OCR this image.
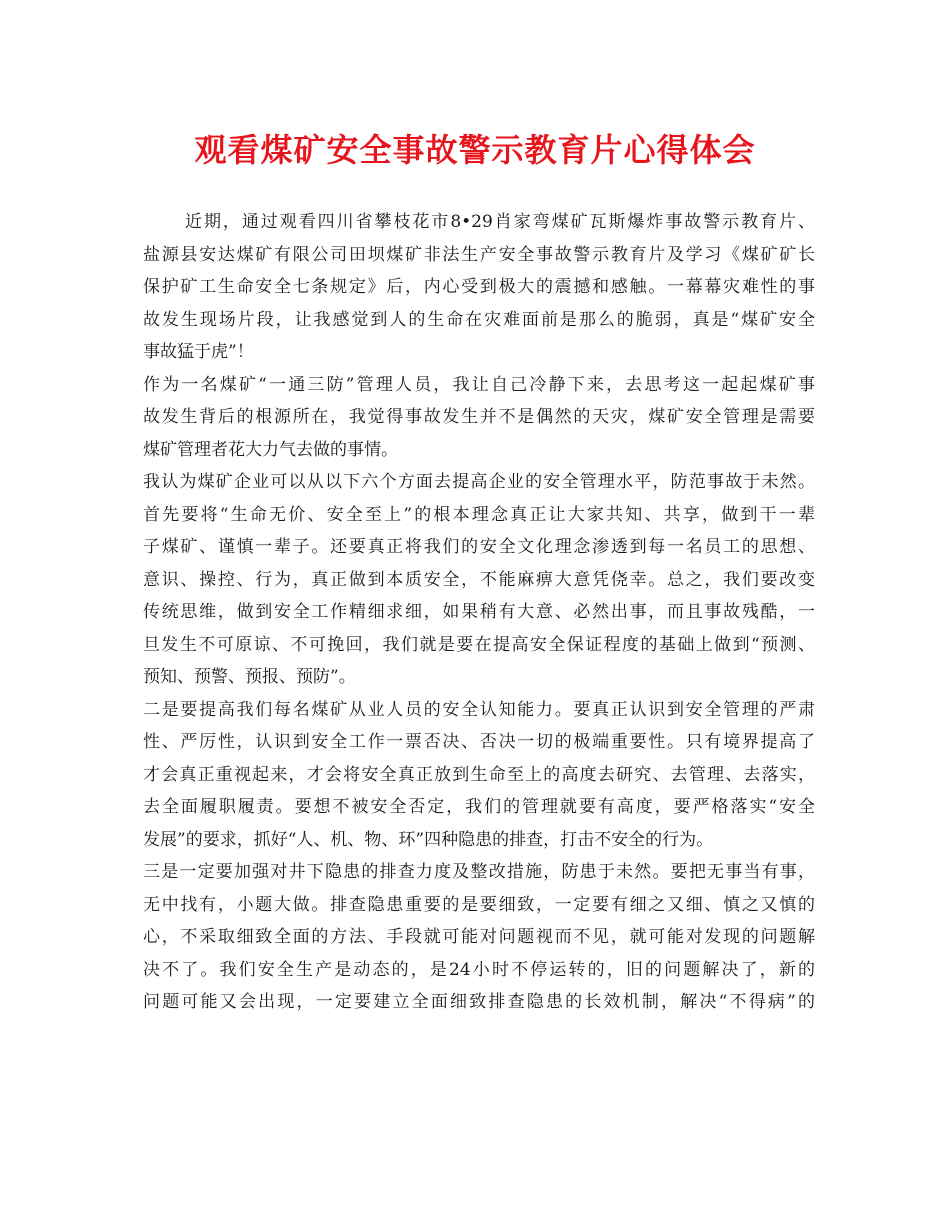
观看煤矿安全事故警示教育片心得体会
近期，通过观看四川省攀枝花市8•29肖家弯煤矿瓦斯爆炸事故警示教育片、
盐源县安达煤矿有限公司田坝煤矿非法生产安全事故警示教育片及学习《煤矿矿长
保护矿工生命安全七条规定》后，内心受到极大的震撼和感触。一幕幕灾难性的事
故发生现场片段，让我感觉到人的生命在灾难面前是那么的脆弱，真是“煤矿安全
事故猛于虎”！
作为一名煤矿“一通三防”管理人员，我让自己冷静下来，去思考这一起起煤矿事
故发生背后的根源所在，我觉得事故发生并不是偶然的天灾，煤矿安全管理是需要
煤矿管理者花大力气去做的事情。
我认为煤矿企业可以从以下六个方面去提高企业的安全管理水平，防范事故于未然。
首先要将“生命无价、安全至上”的根本理念真正让大家共知、共享，做到干一辈
子煤矿、谨慎一辈子。还要真正将我们的安全文化理念渗透到每一名员工的思想、
意识、操控、行为，真正做到本质安全，不能麻痹大意凭侥幸。总之，我们要改变
传统思维，做到安全工作精细求细，如果稍有大意、必然出事，而且事故残酷，一
旦发生不可原谅、不可挽回，我们就是要在提高安全保证程度的基础上做到“预测、
预知、预警、预报、预防”。
二是要提高我们每名煤矿从业人员的安全认知能力。要真正认识到安全管理的严肃
性、严厉性，认识到安全工作一票否决、否决一切的极端重要性。只有境界提高了
才会真正重视起来，才会将安全真正放到生命至上的高度去研究、去管理、去落实，
去全面履职履责。要想不被安全否定，我们的管理就要有高度，要严格落实“安全
发展”的要求，抓好“人、机、物、环”四种隐患的排查，打击不安全的行为。
三是一定要加强对井下隐患的排查力度及整改措施，防患于未然。要把无事当有事，
无中找有，小题大做。排查隐患重要的是要细致，一定要有细之又细、慎之又慎的
心，不采取细致全面的方法、手段就可能对问题视而不见，就可能对发现的问题解
决不了。我们安全生产是动态的，是24小时不停运转的，旧的问题解决了，新的
问题可能又会出现，一定要建立全面细致排查隐患的长效机制，解决“不得病”的
